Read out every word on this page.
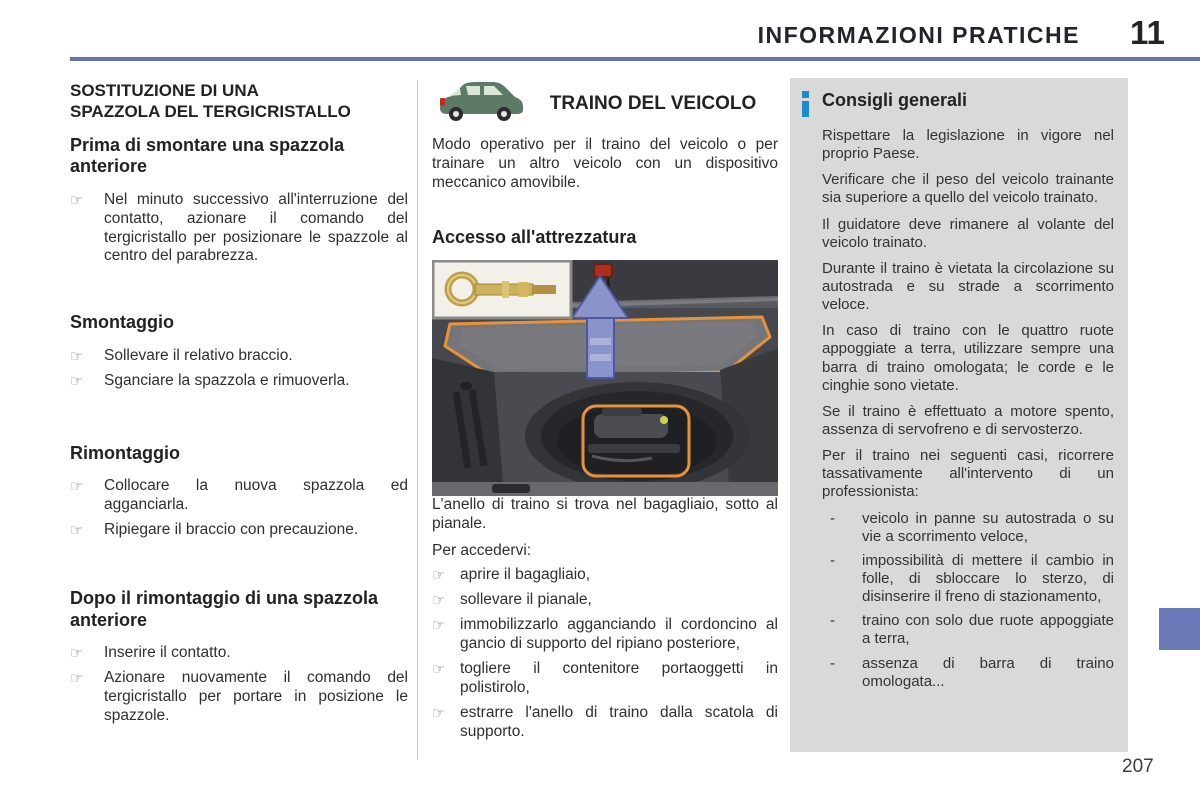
INFORMAZIONI PRATICHE 11
SOSTITUZIONE DI UNA
SPAZZOLA DEL TERGICRISTALLO
Prima di smontare una spazzola anteriore
☞	Nel minuto successivo all'interruzione del contatto, azionare il comando del tergicristallo per posizionare le spazzole al centro del parabrezza.
Smontaggio
☞	Sollevare il relativo braccio.
☞	Sganciare la spazzola e rimuoverla.
Rimontaggio
☞	Collocare la nuova spazzola ed agganciarla.
☞	Ripiegare il braccio con precauzione.
Dopo il rimontaggio di una spazzola anteriore
☞	Inserire il contatto.
☞	Azionare nuovamente il comando del tergicristallo per portare in posizione le spazzole.
TRAINO DEL VEICOLO

Modo operativo per il traino del veicolo o per trainare un altro veicolo con un dispositivo meccanico amovibile.

Accesso all'attrezzatura

L'anello di traino si trova nel bagagliaio, sotto al pianale.

Per accedervi:

☞ aprire il bagagliaio,
☞ sollevare il pianale,
☞ immobilizzarlo agganciando il cordoncino al gancio di supporto del ripiano posteriore,
☞ togliere il contenitore portaoggetti in polistirolo,
☞ estrarre l'anello di traino dalla scatola di supporto.
Consigli generali

Rispettare la legislazione in vigore nel proprio Paese.

Verificare che il peso del veicolo trainante sia superiore a quello del veicolo trainato.

Il guidatore deve rimanere al volante del veicolo trainato.

Durante il traino è vietata la circolazione su autostrada e su strade a scorrimento veloce.

In caso di traino con le quattro ruote appoggiate a terra, utilizzare sempre una barra di traino omologata; le corde e le cinghie sono vietate.

Se il traino è effettuato a motore spento, assenza di servofreno e di servosterzo.

Per il traino nei seguenti casi, ricorrere tassativamente all'intervento di un professionista:

-	veicolo in panne su autostrada o su vie a scorrimento veloce,
-	impossibilità di mettere il cambio in folle, di sbloccare lo sterzo, di disinserire il freno di stazionamento,
-	traino con solo due ruote appoggiate a terra,
-	assenza di barra di traino omologata...
207
